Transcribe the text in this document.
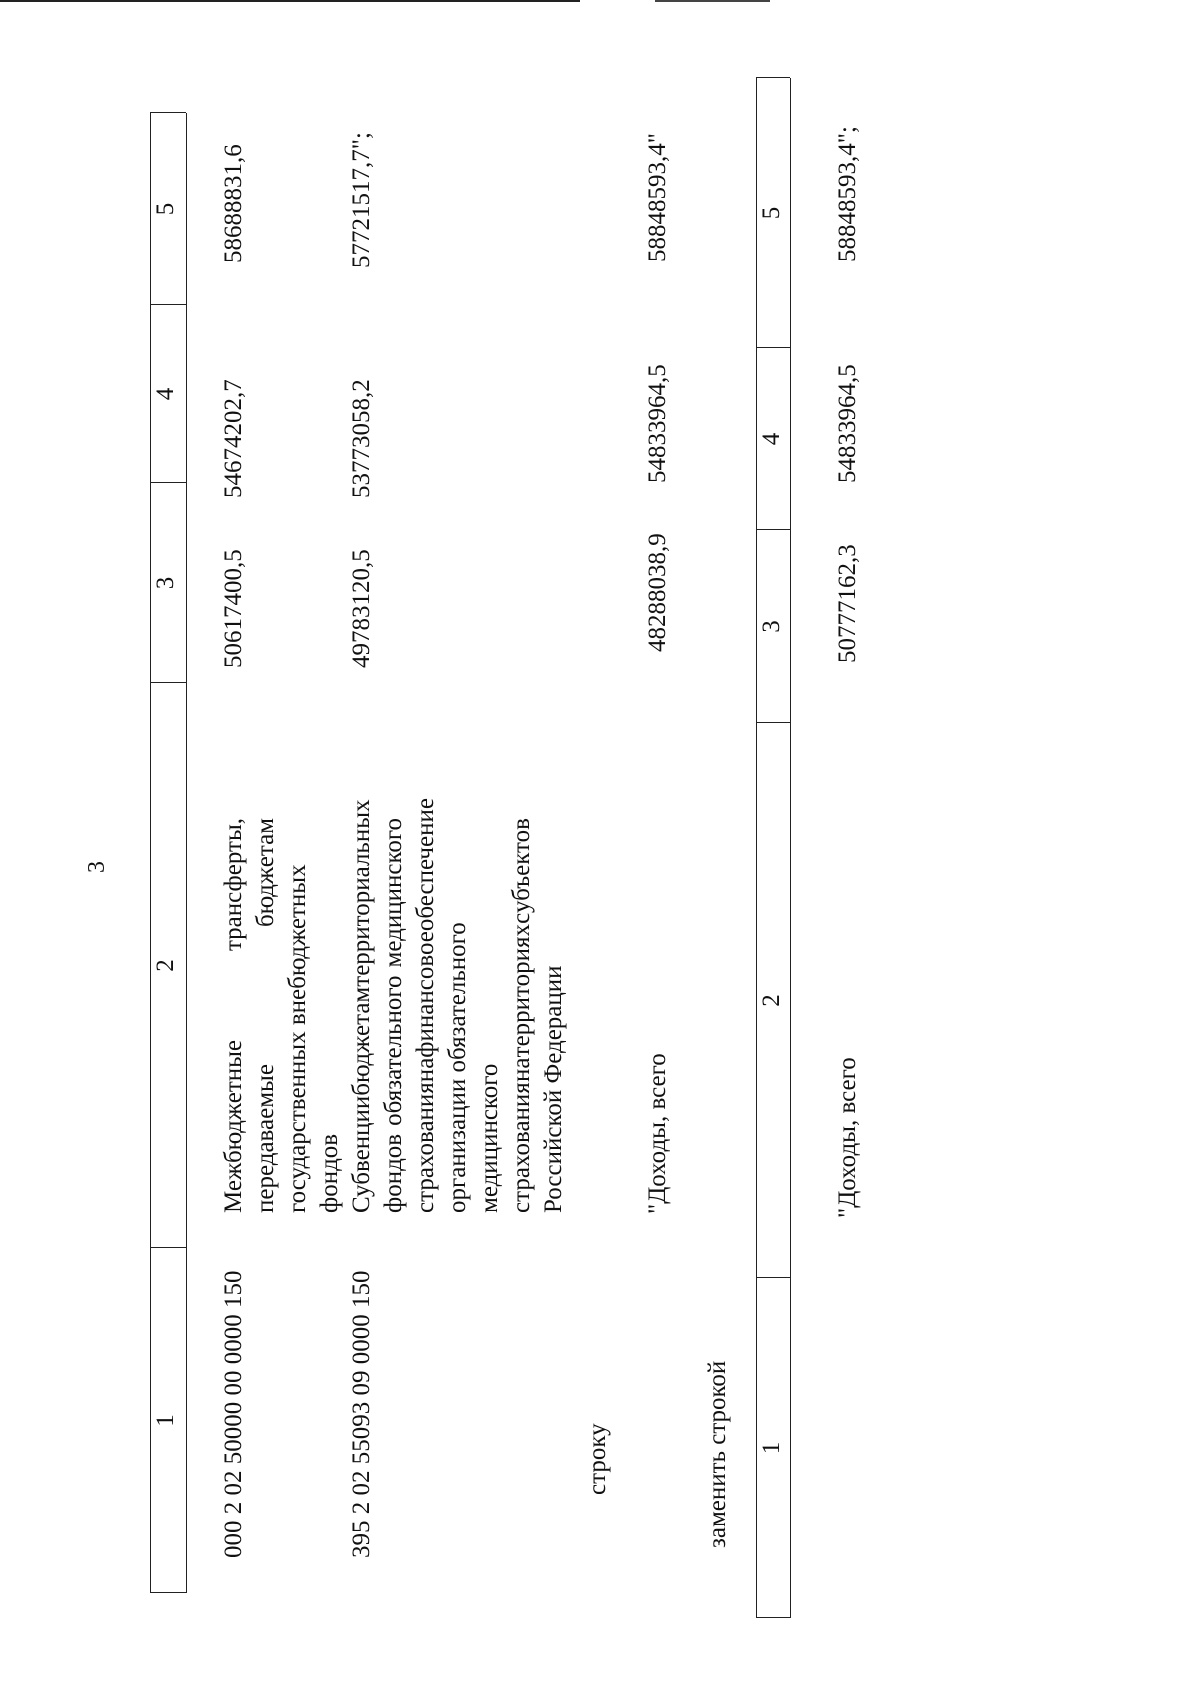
3
1
2
3
4
5
000 2 02 50000 00 0000 150
Межбюджетные
трансферты,
передаваемые
бюджетам государственных внебюджетных фондов
50617400,5
54674202,7
58688831,6
395 2 02 55093 09 0000 150
Субвенции
бюджетам
территориальных
фондов
обязательного
медицинского
страхования
на
финансовое
обеспечение
организации обязательного медицинского страхования
на
территориях
субъектов
Российской Федерации
49783120,5
53773058,2
57721517,7";
строку
"Доходы, всего
48288038,9
54833964,5
58848593,4"
заменить строкой 1
2
3
4
5
"Доходы, всего
50777162,3
54833964,5
58848593,4";
